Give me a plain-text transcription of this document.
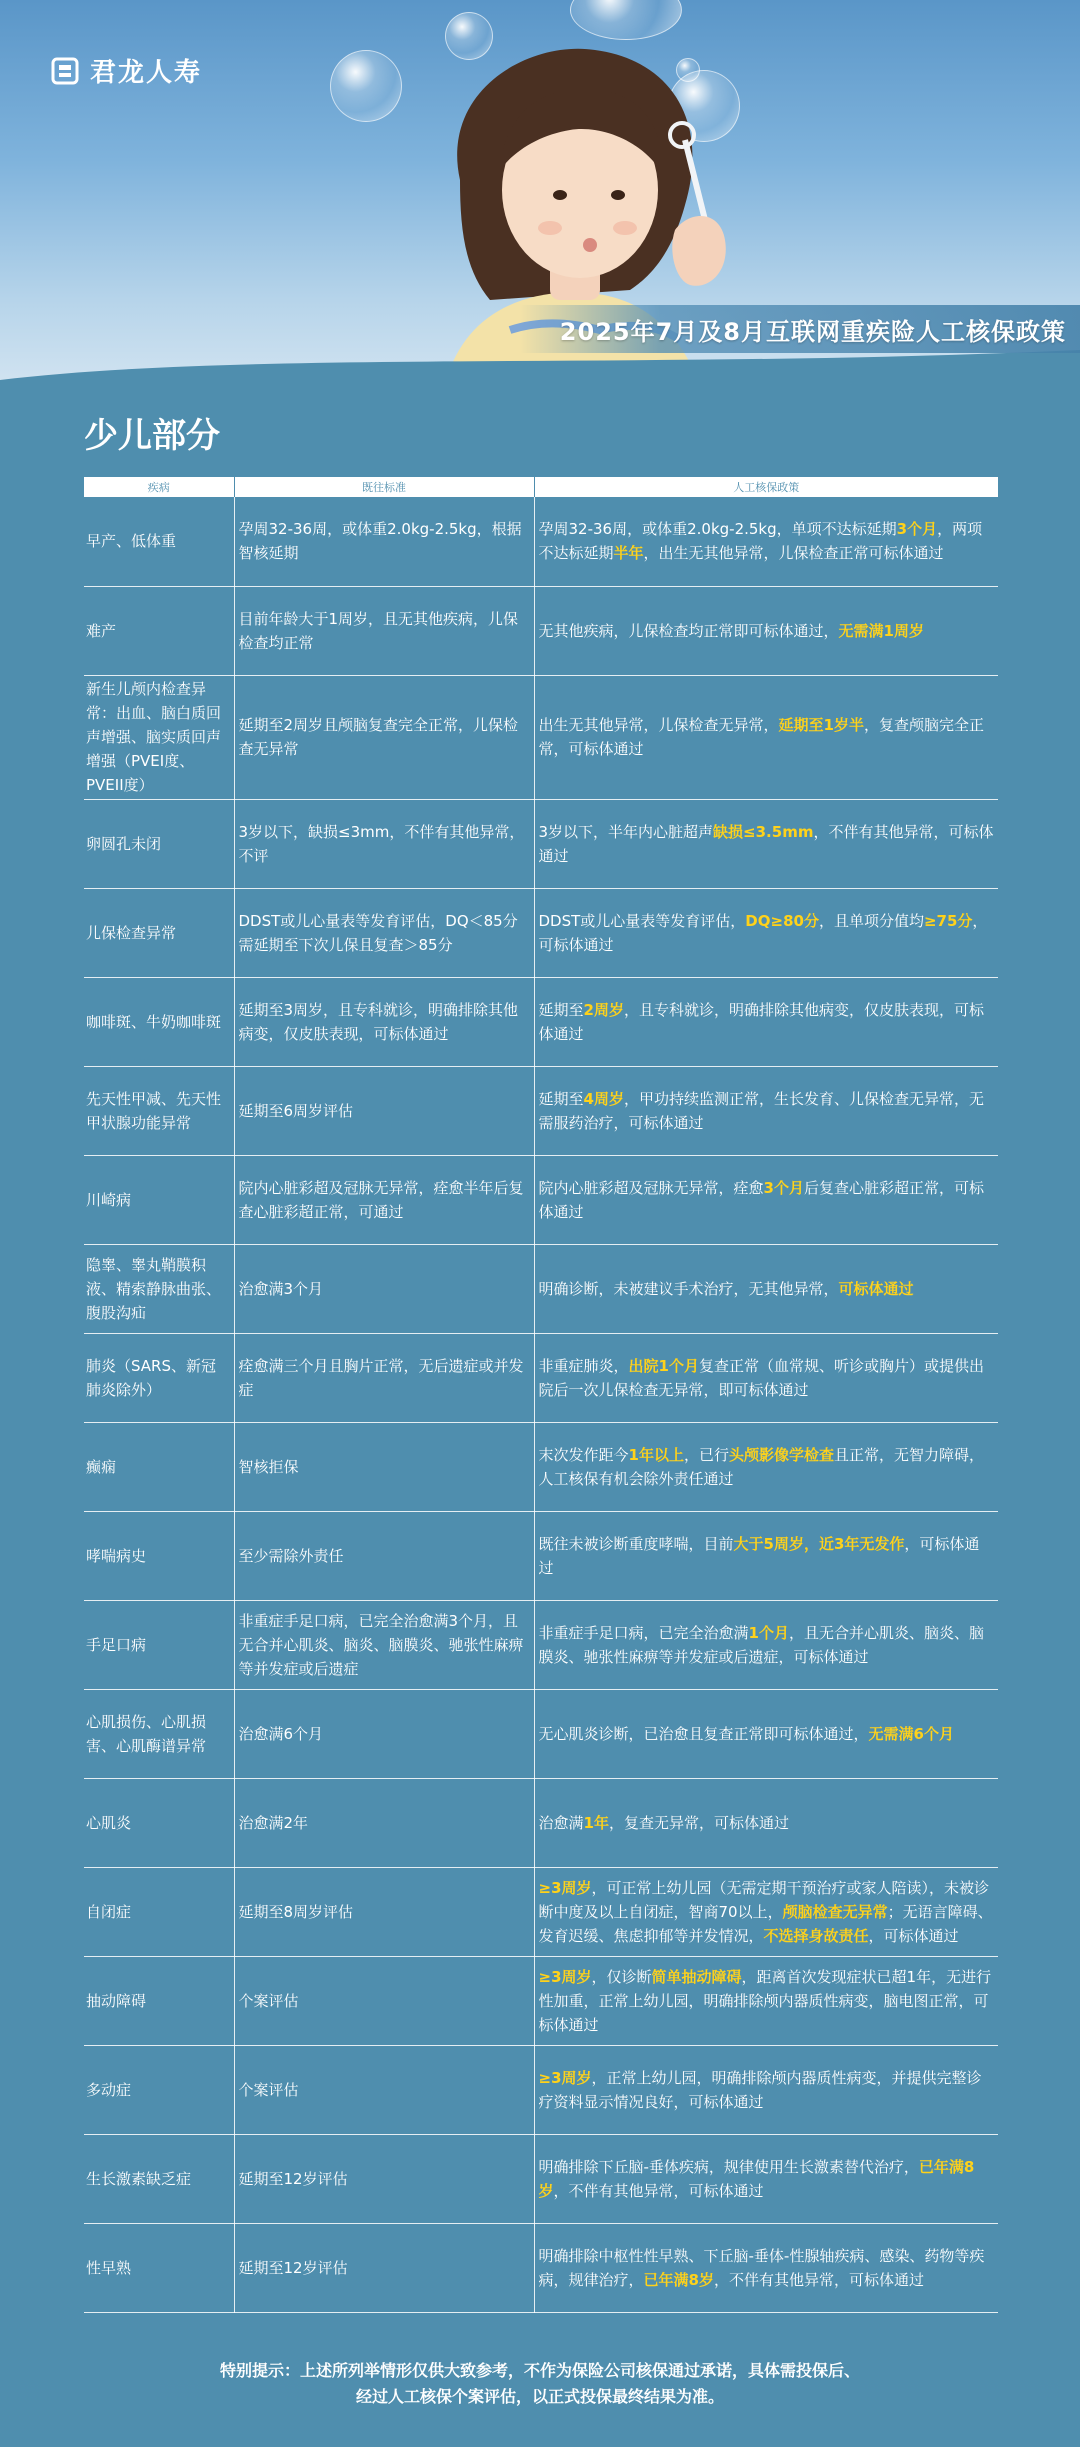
君龙人寿
2025年7月及8月互联网重疾险人工核保政策
少儿部分
疾病	既往标准	人工核保政策
早产、低体重	孕周32-36周，或体重2.0kg-2.5kg，根据智核延期	孕周32-36周，或体重2.0kg-2.5kg，单项不达标延期3个月，两项不达标延期半年，出生无其他异常，儿保检查正常可标体通过
难产	目前年龄大于1周岁，且无其他疾病，儿保检查均正常	无其他疾病，儿保检查均正常即可标体通过，无需满1周岁
新生儿颅内检查异常：出血、脑白质回声增强、脑实质回声增强（PVEI度、PVEII度）	延期至2周岁且颅脑复查完全正常，儿保检查无异常	出生无其他异常，儿保检查无异常，延期至1岁半，复查颅脑完全正常，可标体通过
卵圆孔未闭	3岁以下，缺损≤3mm，不伴有其他异常，不评	3岁以下，半年内心脏超声缺损≤3.5mm，不伴有其他异常，可标体通过
儿保检查异常	DDST或儿心量表等发育评估，DQ＜85分需延期至下次儿保且复查＞85分	DDST或儿心量表等发育评估，DQ≥80分，且单项分值均≥75分，可标体通过
咖啡斑、牛奶咖啡斑	延期至3周岁，且专科就诊，明确排除其他病变，仅皮肤表现，可标体通过	延期至2周岁，且专科就诊，明确排除其他病变，仅皮肤表现，可标体通过
先天性甲减、先天性甲状腺功能异常	延期至6周岁评估	延期至4周岁，甲功持续监测正常，生长发育、儿保检查无异常，无需服药治疗，可标体通过
川崎病	院内心脏彩超及冠脉无异常，痊愈半年后复查心脏彩超正常，可通过	院内心脏彩超及冠脉无异常，痊愈3个月后复查心脏彩超正常，可标体通过
隐睾、睾丸鞘膜积液、精索静脉曲张、腹股沟疝	治愈满3个月	明确诊断，未被建议手术治疗，无其他异常，可标体通过
肺炎（SARS、新冠肺炎除外）	痊愈满三个月且胸片正常，无后遗症或并发症	非重症肺炎，出院1个月复查正常（血常规、听诊或胸片）或提供出院后一次儿保检查无异常，即可标体通过
癫痫	智核拒保	末次发作距今1年以上，已行头颅影像学检查且正常，无智力障碍，人工核保有机会除外责任通过
哮喘病史	至少需除外责任	既往未被诊断重度哮喘，目前大于5周岁，近3年无发作，可标体通过
手足口病	非重症手足口病，已完全治愈满3个月，且无合并心肌炎、脑炎、脑膜炎、驰张性麻痹等并发症或后遗症	非重症手足口病，已完全治愈满1个月，且无合并心肌炎、脑炎、脑膜炎、驰张性麻痹等并发症或后遗症，可标体通过
心肌损伤、心肌损害、心肌酶谱异常	治愈满6个月	无心肌炎诊断，已治愈且复查正常即可标体通过，无需满6个月
心肌炎	治愈满2年	治愈满1年，复查无异常，可标体通过
自闭症	延期至8周岁评估	≥3周岁，可正常上幼儿园（无需定期干预治疗或家人陪读），未被诊断中度及以上自闭症，智商70以上，颅脑检查无异常；无语言障碍、发育迟缓、焦虑抑郁等并发情况，不选择身故责任，可标体通过
抽动障碍	个案评估	≥3周岁，仅诊断简单抽动障碍，距离首次发现症状已超1年，无进行性加重，正常上幼儿园，明确排除颅内器质性病变，脑电图正常，可标体通过
多动症	个案评估	≥3周岁，正常上幼儿园，明确排除颅内器质性病变，并提供完整诊疗资料显示情况良好，可标体通过
生长激素缺乏症	延期至12岁评估	明确排除下丘脑-垂体疾病，规律使用生长激素替代治疗，已年满8岁，不伴有其他异常，可标体通过
性早熟	延期至12岁评估	明确排除中枢性性早熟、下丘脑-垂体-性腺轴疾病、感染、药物等疾病，规律治疗，已年满8岁，不伴有其他异常，可标体通过
特别提示：上述所列举情形仅供大致参考，不作为保险公司核保通过承诺，具体需投保后、
经过人工核保个案评估，以正式投保最终结果为准。
